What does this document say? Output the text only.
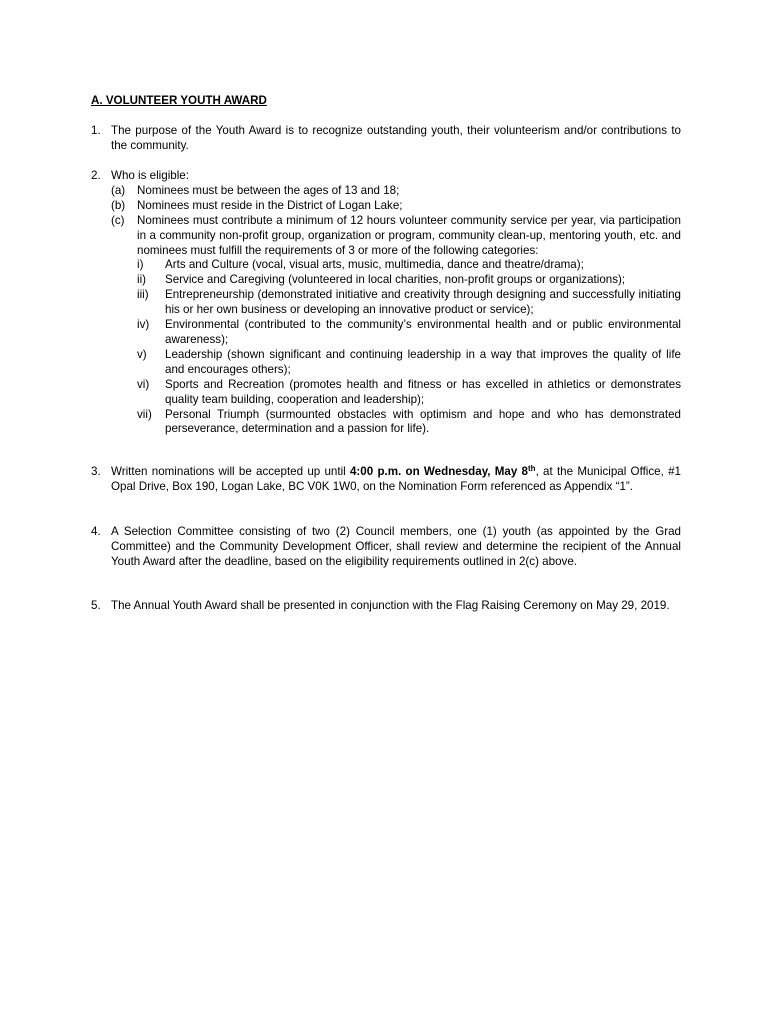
A. VOLUNTEER YOUTH AWARD
1. The purpose of the Youth Award is to recognize outstanding youth, their volunteerism and/or contributions to the community.
2. Who is eligible:
(a)	Nominees must be between the ages of 13 and 18;
(b)	Nominees must reside in the District of Logan Lake;
(c)	Nominees must contribute a minimum of 12 hours volunteer community service per year, via participation in a community non-profit group, organization or program, community clean-up, mentoring youth, etc. and nominees must fulfill the requirements of 3 or more of the following categories:
i)	Arts and Culture (vocal, visual arts, music, multimedia, dance and theatre/drama);
ii)	Service and Caregiving (volunteered in local charities, non-profit groups or organizations);
iii)	Entrepreneurship (demonstrated initiative and creativity through designing and successfully initiating his or her own business or developing an innovative product or service);
iv)	Environmental (contributed to the community’s environmental health and or public environmental awareness);
v)	Leadership (shown significant and continuing leadership in a way that improves the quality of life and encourages others);
vi)	Sports and Recreation (promotes health and fitness or has excelled in athletics or demonstrates quality team building, cooperation and leadership);
vii)	Personal Triumph (surmounted obstacles with optimism and hope and who has demonstrated perseverance, determination and a passion for life).
3. Written nominations will be accepted up until 4:00 p.m. on Wednesday, May 8th, at the Municipal Office, #1 Opal Drive, Box 190, Logan Lake, BC V0K 1W0, on the Nomination Form referenced as Appendix “1”.
4. A Selection Committee consisting of two (2) Council members, one (1) youth (as appointed by the Grad Committee) and the Community Development Officer, shall review and determine the recipient of the Annual Youth Award after the deadline, based on the eligibility requirements outlined in 2(c) above.
5. The Annual Youth Award shall be presented in conjunction with the Flag Raising Ceremony on May 29, 2019.
